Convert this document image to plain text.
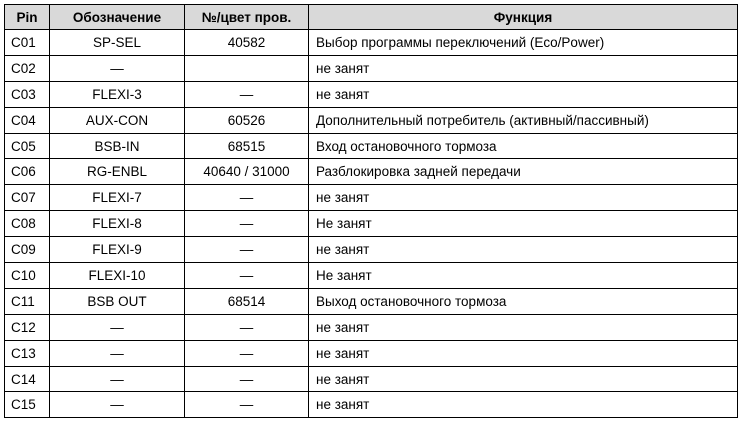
Pin	Обозначение	№/цвет пров.	Функция
C01	SP-SEL	40582	Выбор программы переключений (Eco/Power)
C02	—		не занят
C03	FLEXI-3	—	не занят
C04	AUX-CON	60526	Дополнительный потребитель (активный/пассивный)
C05	BSB-IN	68515	Вход остановочного тормоза
C06	RG-ENBL	40640 / 31000	Разблокировка задней передачи
C07	FLEXI-7	—	не занят
C08	FLEXI-8	—	Не занят
C09	FLEXI-9	—	не занят
C10	FLEXI-10	—	Не занят
C11	BSB OUT	68514	Выход остановочного тормоза
C12	—	—	не занят
C13	—	—	не занят
C14	—	—	не занят
C15	—	—	не занят
